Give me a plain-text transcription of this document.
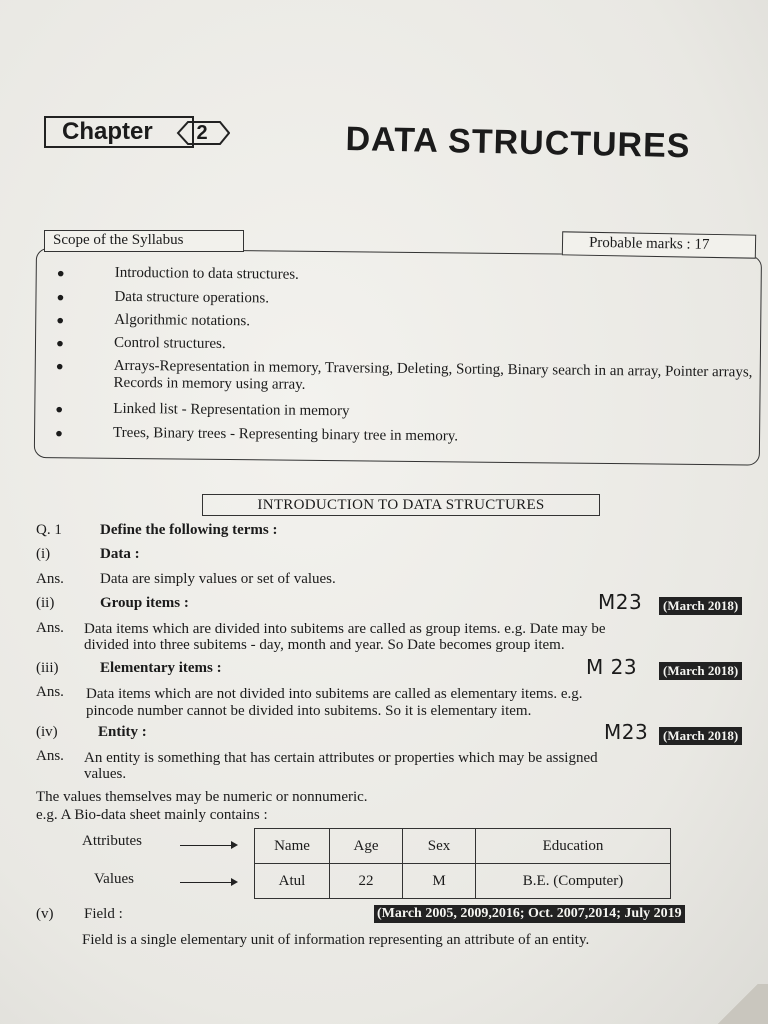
Chapter 2	DATA STRUCTURES
Scope of the Syllabus	Probable marks : 17
●	Introduction to data structures.
●	Data structure operations.
●	Algorithmic notations.
●	Control structures.
●	Arrays-Representation in memory, Traversing, Deleting, Sorting, Binary search in an array, Pointer arrays, Records in memory using array.
●	Linked list - Representation in memory
●	Trees, Binary trees - Representing binary tree in memory.
INTRODUCTION TO DATA STRUCTURES
Q. 1	Define the following terms :
(i)	Data :
Ans. Data are simply values or set of values.
(ii)	Group items :	M23	(March 2018)
Ans. Data items which are divided into subitems are called as group items. e.g. Date may be
divided into three subitems - day, month and year. So Date becomes group item.
(iii)	Elementary items :	M 23	(March 2018)
Ans. Data items which are not divided into subitems are called as elementary items. e.g.
pincode number cannot be divided into subitems. So it is elementary item.
(iv)	Entity :	M23	(March 2018)
Ans. An entity is something that has certain attributes or properties which may be assigned
values.
The values themselves may be numeric or nonnumeric.
e.g. A Bio-data sheet mainly contains :
Attributes
Values
Name	Age	Sex	Education
Atul	22	M	B.E. (Computer)
(v) Field :	(March 2005, 2009,2016; Oct. 2007,2014; July 2019
Field is a single elementary unit of information representing an attribute of an entity.
